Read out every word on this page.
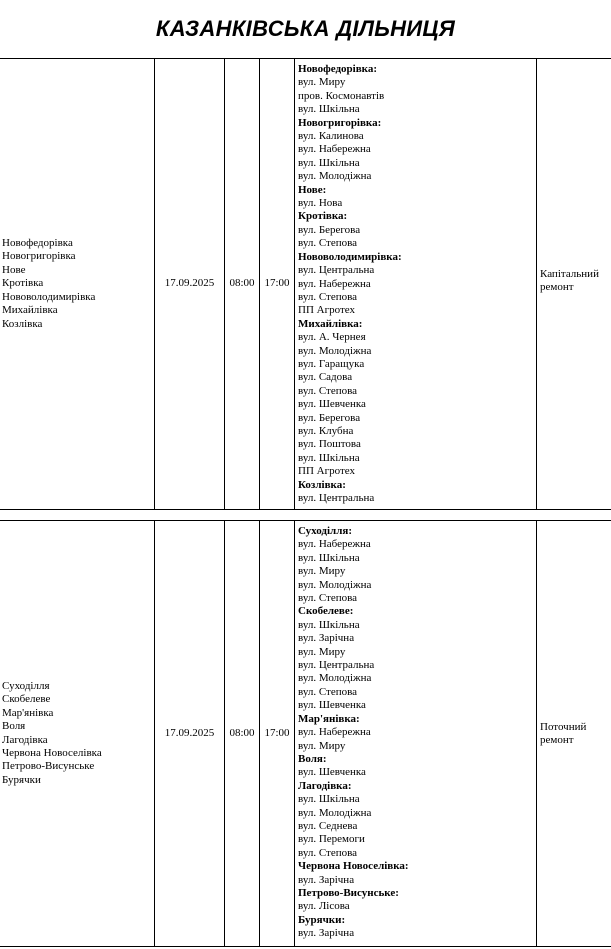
КАЗАНКІВСЬКА ДІЛЬНИЦЯ
Новофедорівка
Новогригорівка
Нове
Кротівка
Нововолодимирівка
Михайлівка
Козлівка
17.09.2025 08:00 17:00
Новофедорівка:
вул. Миру
пров. Космонавтів
вул. Шкільна
Новогригорівка:
вул. Калинова
вул. Набережна
вул. Шкільна
вул. Молодіжна
Нове:
вул. Нова
Кротівка:
вул. Берегова
вул. Степова
Нововолодимирівка:
вул. Центральна
вул. Набережна
вул. Степова
ПП Агротех
Михайлівка:
вул. А. Чернея
вул. Молодіжна
вул. Гаращука
вул. Садова
вул. Степова
вул. Шевченка
вул. Берегова
вул. Клубна
вул. Поштова
вул. Шкільна
ПП Агротех
Козлівка:
вул. Центральна
Капітальний ремонт
Суходілля
Скобелеве
Мар'янівка
Воля
Лагодівка
Червона Новоселівка
Петрово-Висунське
Бурячки
17.09.2025 08:00 17:00
Суходілля:
вул. Набережна
вул. Шкільна
вул. Миру
вул. Молодіжна
вул. Степова
Скобелеве:
вул. Шкільна
вул. Зарічна
вул. Миру
вул. Центральна
вул. Молодіжна
вул. Степова
вул. Шевченка
Мар'янівка:
вул. Набережна
вул. Миру
Воля:
вул. Шевченка
Лагодівка:
вул. Шкільна
вул. Молодіжна
вул. Седнева
вул. Перемоги
вул. Степова
Червона Новоселівка:
вул. Зарічна
Петрово-Висунське:
вул. Лісова
Бурячки:
вул. Зарічна
Поточний ремонт
